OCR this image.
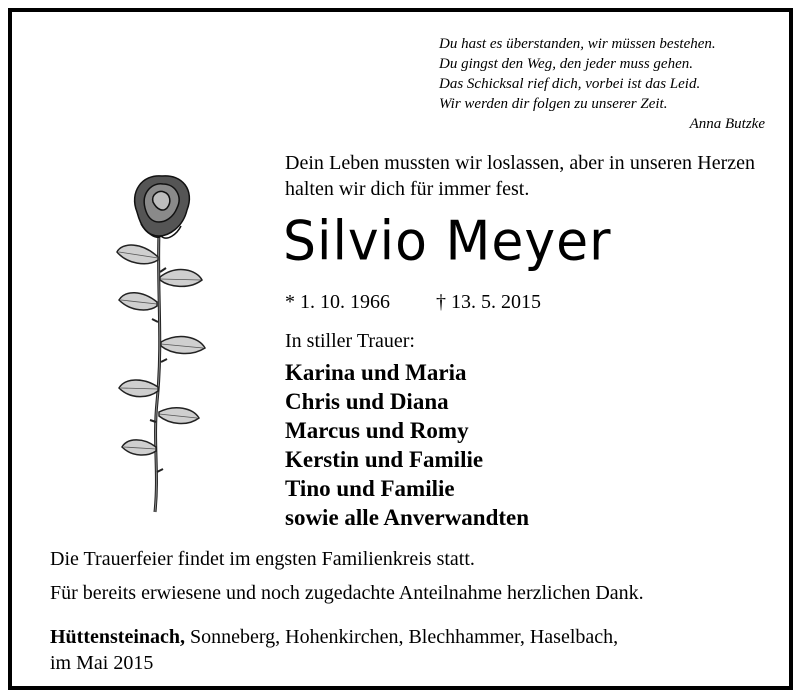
Du hast es überstanden, wir müssen bestehen.
Du gingst den Weg, den jeder muss gehen.
Das Schicksal rief dich, vorbei ist das Leid.
Wir werden dir folgen zu unserer Zeit.
Anna Butzke
Dein Leben mussten wir loslassen, aber in unseren Herzen halten wir dich für immer fest.
Silvio Meyer
* 1. 10. 1966 † 13. 5. 2015
In stiller Trauer:
Karina und Maria
Chris und Diana
Marcus und Romy
Kerstin und Familie
Tino und Familie
sowie alle Anverwandten
Die Trauerfeier findet im engsten Familienkreis statt.
Für bereits erwiesene und noch zugedachte Anteilnahme herzlichen Dank.
Hüttensteinach, Sonneberg, Hohenkirchen, Blechhammer, Haselbach,
im Mai 2015
